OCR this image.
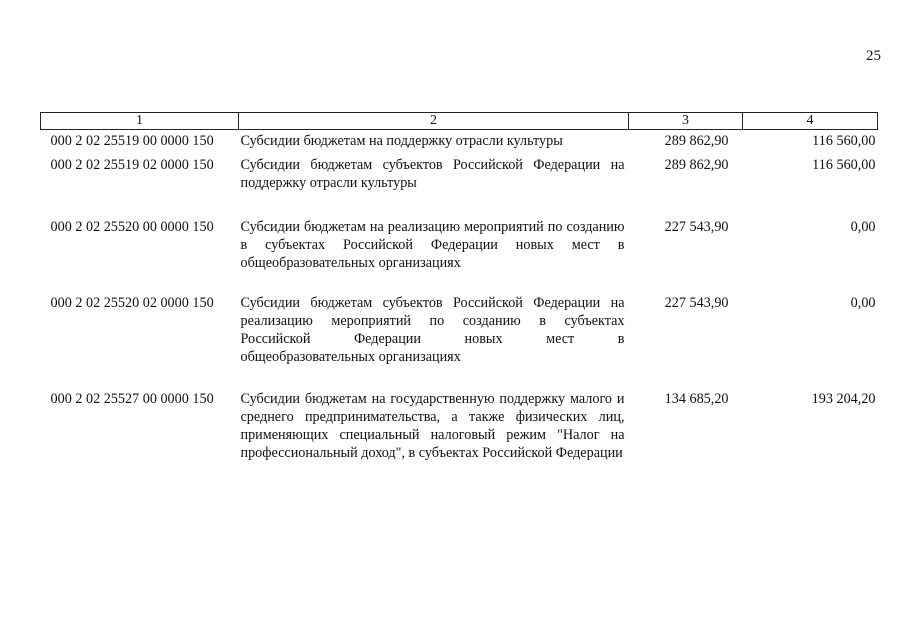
25
1	2	3	4
000 2 02 25519 00 0000 150	Субсидии бюджетам на поддержку отрасли культуры	289 862,90	116 560,00
000 2 02 25519 02 0000 150	Субсидии бюджетам субъектов Российской Федерации на поддержку отрасли культуры	289 862,90	116 560,00
000 2 02 25520 00 0000 150	Субсидии бюджетам на реализацию мероприятий по созданию в субъектах Российской Федерации новых мест в общеобразовательных организациях	227 543,90	0,00
000 2 02 25520 02 0000 150	Субсидии бюджетам субъектов Российской Федерации на
реализацию мероприятий по созданию в субъектах
Российской Федерации новых мест в
общеобразовательных организациях	227 543,90	0,00
000 2 02 25527 00 0000 150	Субсидии бюджетам на государственную поддержку малого и среднего предпринимательства, а также физических лиц, применяющих специальный налоговый режим "Налог на профессиональный доход", в субъектах Российской Федерации	134 685,20	193 204,20
